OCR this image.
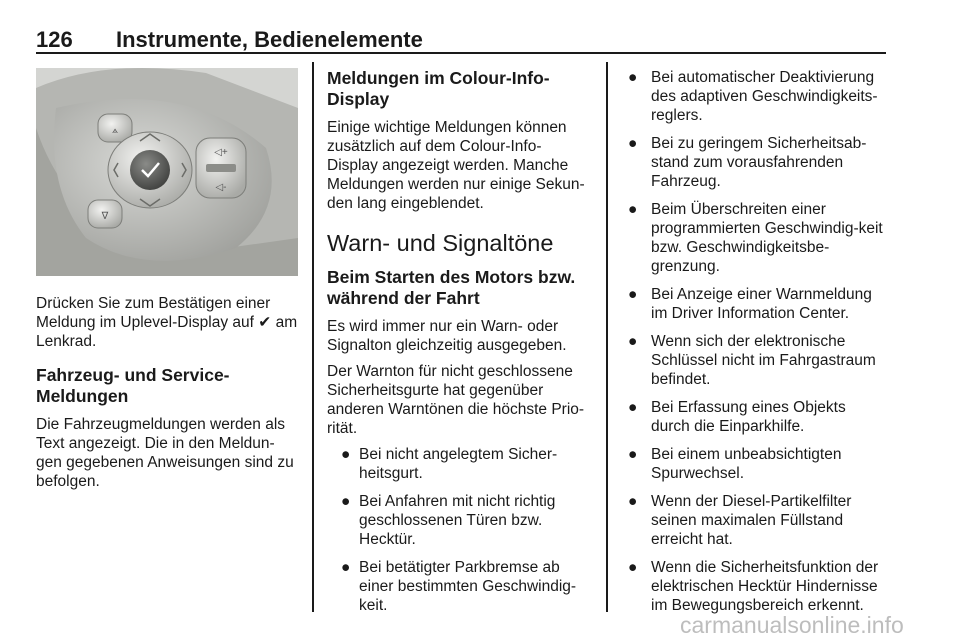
126 Instrumente, Bedienelemente
⟑
∇
◁+
◁-

Drücken Sie zum Bestätigen einer Meldung im Uplevel-Display auf ✔ am Lenkrad.

Fahrzeug- und Service-Meldungen

Die Fahrzeugmeldungen werden als Text angezeigt. Die in den Meldun-gen gegebenen Anweisungen sind zu befolgen.

Meldungen im Colour-Info-Display

Einige wichtige Meldungen können zusätzlich auf dem Colour-Info-Display angezeigt werden. Manche Meldungen werden nur einige Sekun-den lang eingeblendet.

Warn- und Signaltöne
Beim Starten des Motors bzw. während der Fahrt

Es wird immer nur ein Warn- oder Signalton gleichzeitig ausgegeben.

Der Warnton für nicht geschlossene Sicherheitsgurte hat gegenüber anderen Warntönen die höchste Prio-rität.

● Bei nicht angelegtem Sicher-heitsgurt.
● Bei Anfahren mit nicht richtig geschlossenen Türen bzw. Hecktür.
● Bei betätigter Parkbremse ab einer bestimmten Geschwindig-keit.
● Bei automatischer Deaktivierung des adaptiven Geschwindigkeits-reglers.
● Bei zu geringem Sicherheitsab-stand zum vorausfahrenden Fahrzeug.
● Beim Überschreiten einer programmierten Geschwindig-keit bzw. Geschwindigkeitsbe-grenzung.
● Bei Anzeige einer Warnmeldung im Driver Information Center.
● Wenn sich der elektronische Schlüssel nicht im Fahrgastraum befindet.
● Bei Erfassung eines Objekts durch die Einparkhilfe.
● Bei einem unbeabsichtigten Spurwechsel.
● Wenn der Diesel-Partikelfilter seinen maximalen Füllstand erreicht hat.
● Wenn die Sicherheitsfunktion der elektrischen Hecktür Hindernisse im Bewegungsbereich erkennt.
carmanualsonline.info
